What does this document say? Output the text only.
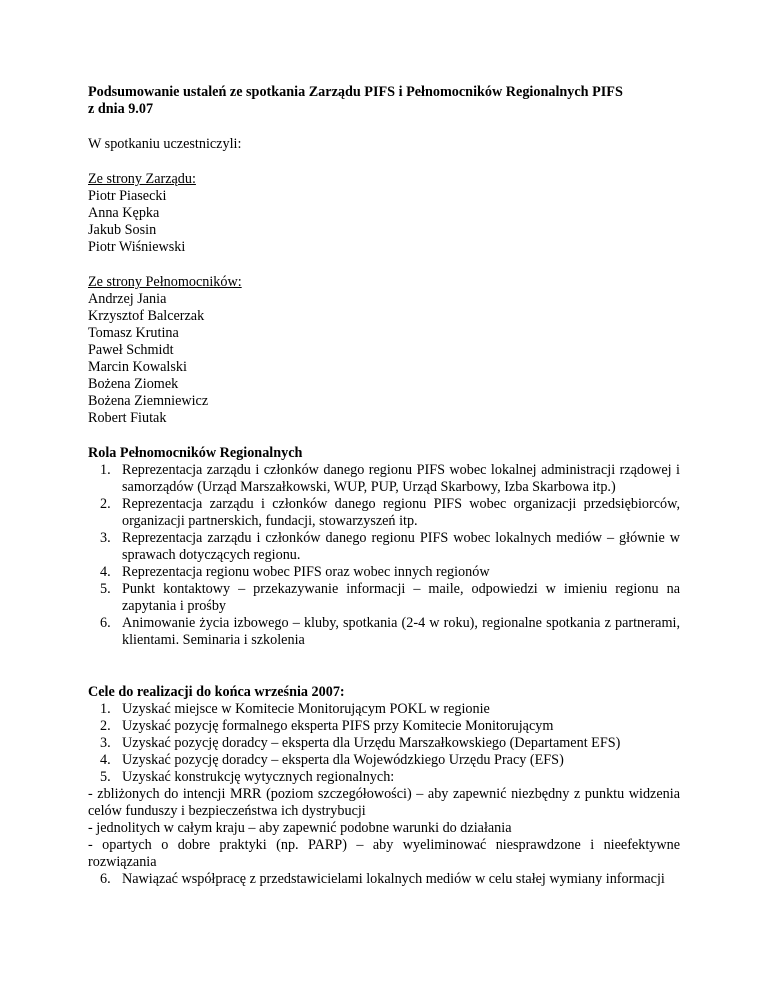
Podsumowanie ustaleń ze spotkania Zarządu PIFS i Pełnomocników Regionalnych PIFS
z dnia 9.07

W spotkaniu uczestniczyli:

Ze strony Zarządu:

Piotr Piasecki

Anna Kępka

Jakub Sosin

Piotr Wiśniewski

Ze strony Pełnomocników:

Andrzej Jania

Krzysztof Balcerzak

Tomasz Krutina

Paweł Schmidt

Marcin Kowalski

Bożena Ziomek

Bożena Ziemniewicz

Robert Fiutak

Rola Pełnomocników Regionalnych

1. Reprezentacja zarządu i członków danego regionu PIFS wobec lokalnej administracji rządowej i samorządów (Urząd Marszałkowski, WUP, PUP, Urząd Skarbowy, Izba Skarbowa itp.)
2. Reprezentacja zarządu i członków danego regionu PIFS wobec organizacji przedsiębiorców, organizacji partnerskich, fundacji, stowarzyszeń itp.
3. Reprezentacja zarządu i członków danego regionu PIFS wobec lokalnych mediów – głównie w sprawach dotyczących regionu.
4. Reprezentacja regionu wobec PIFS oraz wobec innych regionów
5. Punkt kontaktowy – przekazywanie informacji – maile, odpowiedzi w imieniu regionu na zapytania i prośby
6. Animowanie życia izbowego – kluby, spotkania (2-4 w roku), regionalne spotkania z partnerami, klientami. Seminaria i szkolenia

Cele do realizacji do końca września 2007:

1. Uzyskać miejsce w Komitecie Monitorującym POKL w regionie
2. Uzyskać pozycję formalnego eksperta PIFS przy Komitecie Monitorującym
3. Uzyskać pozycję doradcy – eksperta dla Urzędu Marszałkowskiego (Departament EFS)
4. Uzyskać pozycję doradcy – eksperta dla Wojewódzkiego Urzędu Pracy (EFS)
5. Uzyskać konstrukcję wytycznych regionalnych:

- zbliżonych do intencji MRR (poziom szczegółowości) – aby zapewnić niezbędny z punktu widzenia celów funduszy i bezpieczeństwa ich dystrybucji

- jednolitych w całym kraju – aby zapewnić podobne warunki do działania

- opartych o dobre praktyki (np. PARP) – aby wyeliminować niesprawdzone i nieefektywne rozwiązania

6. Nawiązać współpracę z przedstawicielami lokalnych mediów w celu stałej wymiany informacji
